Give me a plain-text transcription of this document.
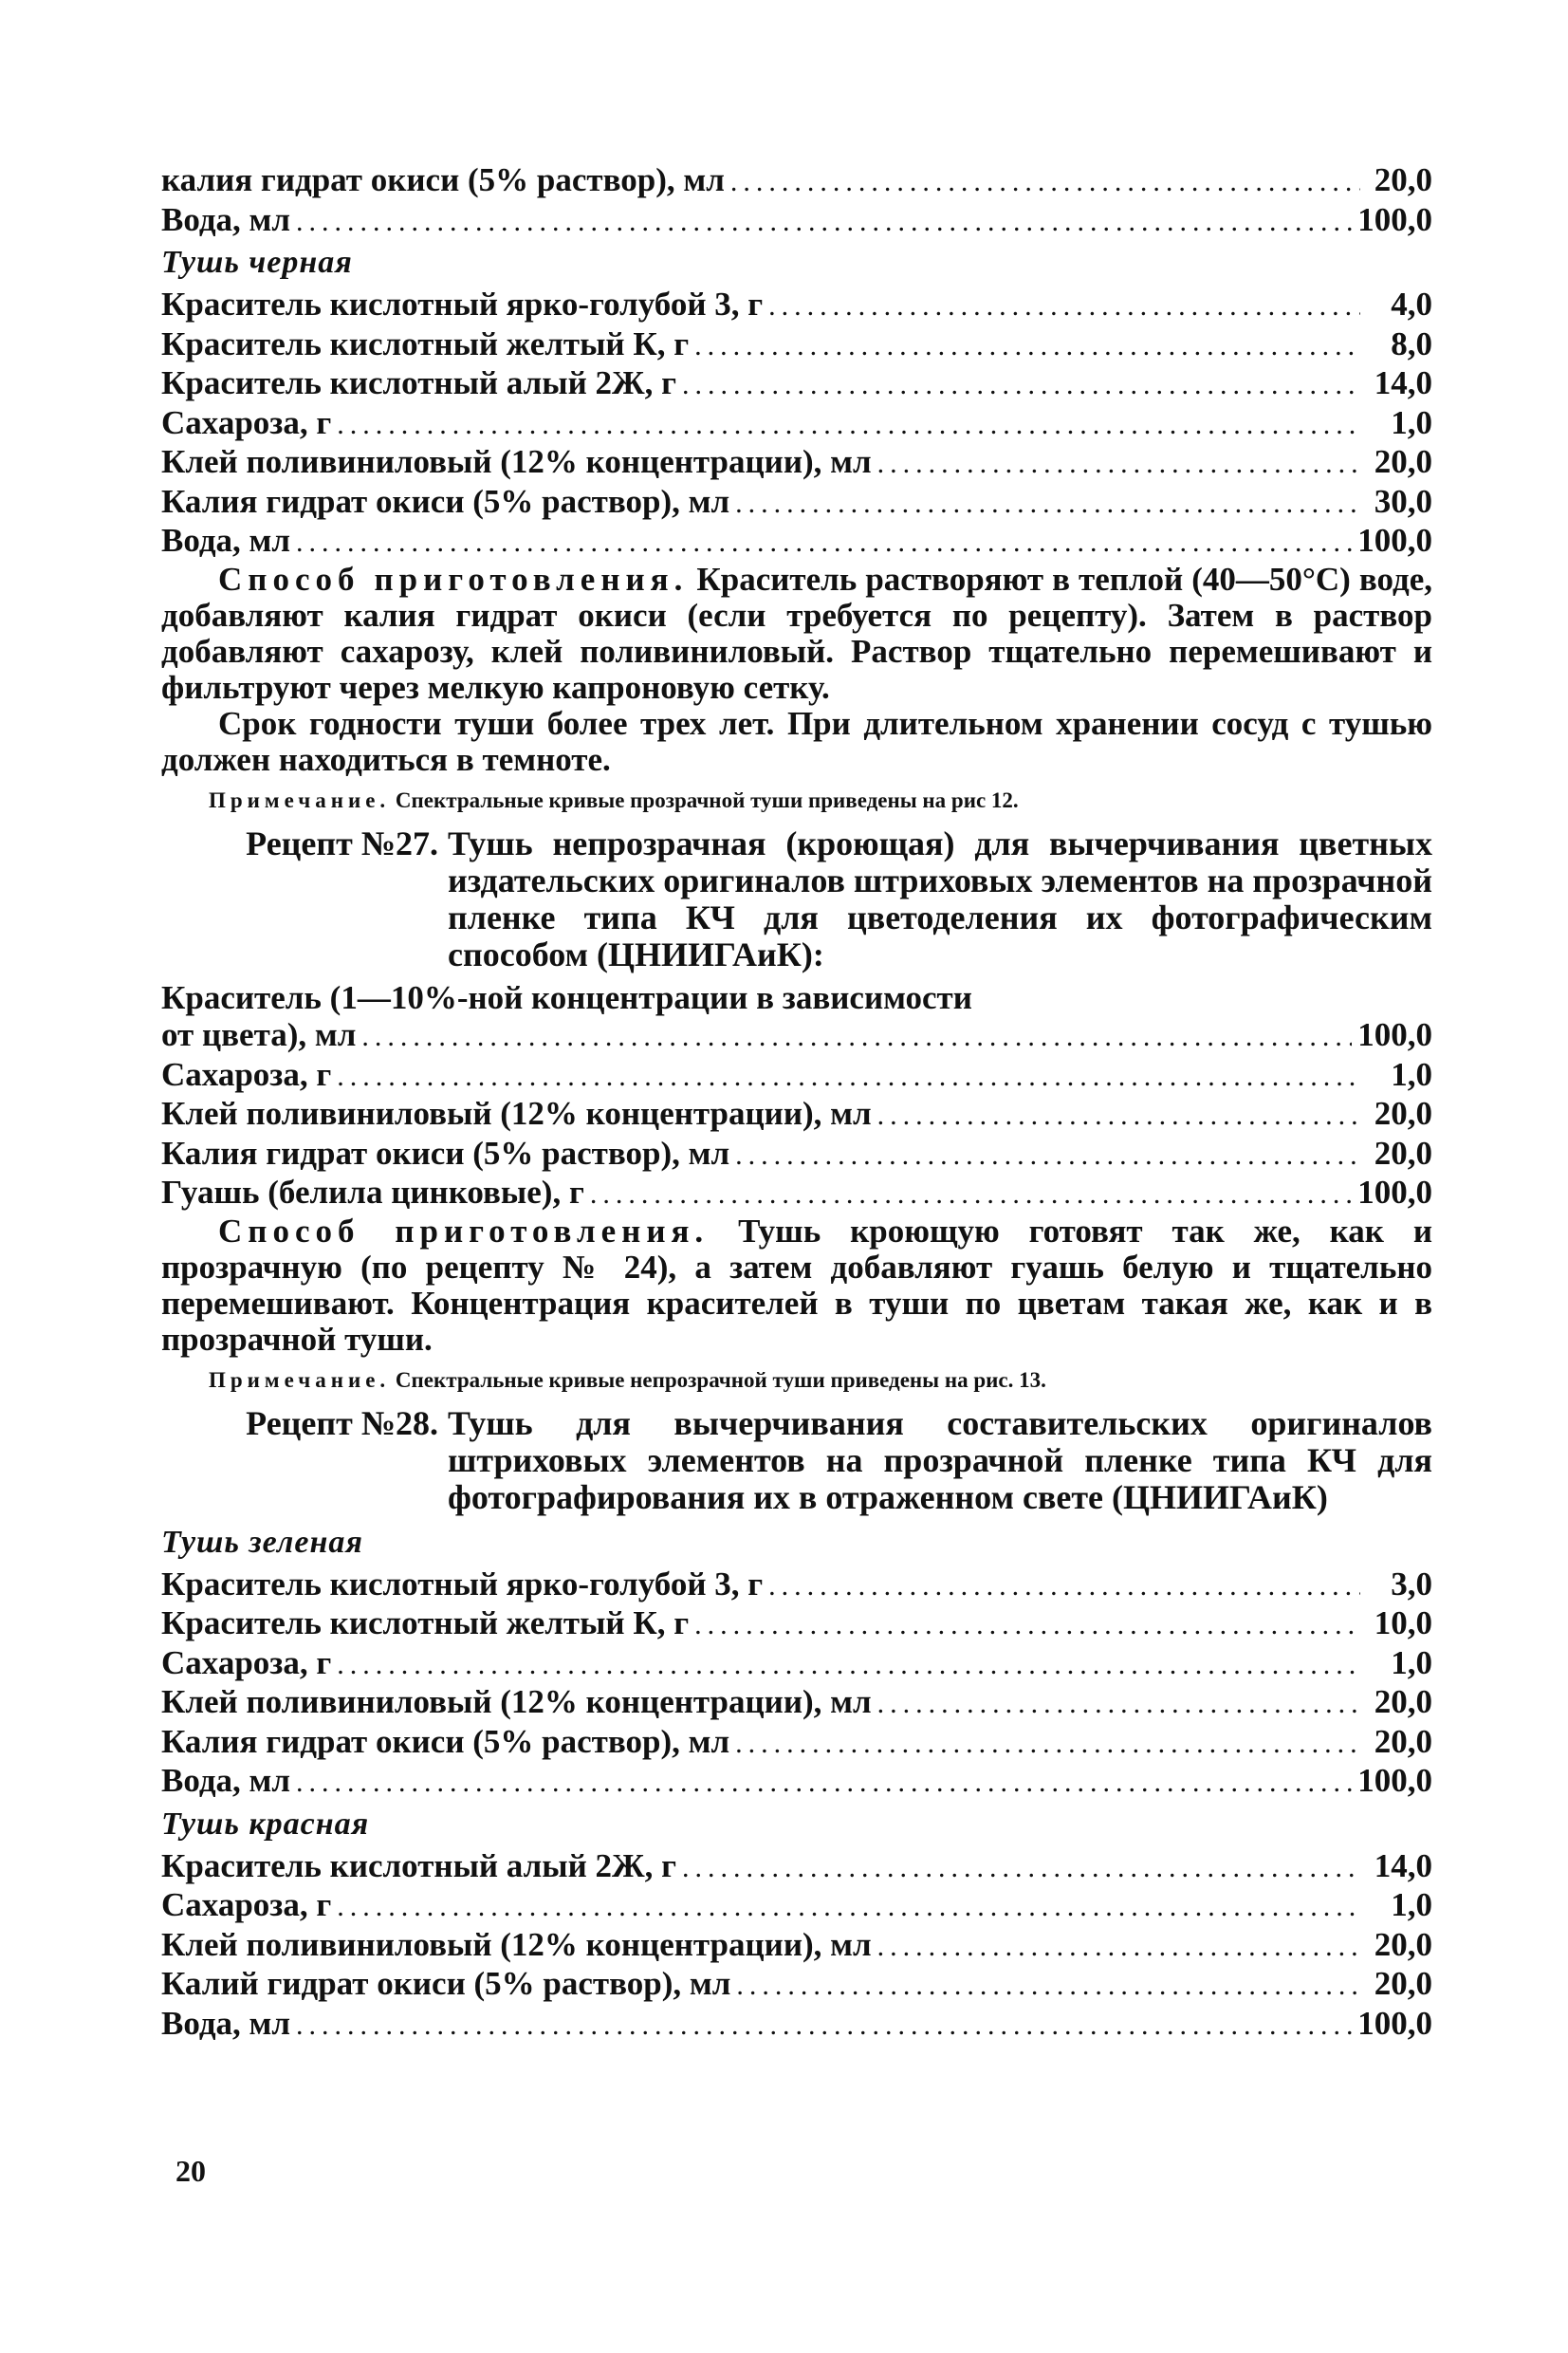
калия гидрат окиси (5% раствор), мл .....	20,0
Вода, мл .....	100,0
Тушь черная
Краситель кислотный ярко-голубой 3, г .....	4,0
Краситель кислотный желтый К, г .....	8,0
Краситель кислотный алый 2Ж, г .....	14,0
Сахароза, г .....	1,0
Клей поливиниловый (12% концентрации), мл .....	20,0
Калия гидрат окиси (5% раствор), мл .....	30,0
Вода, мл .....	100,0

Способ приготовления. Краситель растворяют в теплой (40—50°С) воде, добавляют калия гидрат окиси (если требуется по рецепту). Затем в раствор добавляют сахарозу, клей поливиниловый. Раствор тщательно перемешивают и фильтруют через мелкую капроновую сетку.

Срок годности туши более трех лет. При длительном хранении сосуд с тушью должен находиться в темноте.

Примечание. Спектральные кривые прозрачной туши приведены на рис 12.
Рецепт №27. Тушь непрозрачная (кроющая) для вычерчивания цветных издательских оригиналов штриховых элементов на прозрачной пленке типа КЧ для цветоделения их фотографическим способом (ЦНИИГАиК):
Краситель (1—10%-ной концентрации в зависимости
от цвета), мл .....	100,0
Сахароза, г .....	1,0
Клей поливиниловый (12% концентрации), мл .....	20,0
Калия гидрат окиси (5% раствор), мл .....	20,0
Гуашь (белила цинковые), г .....	100,0

Способ приготовления. Тушь кроющую готовят так же, как и прозрачную (по рецепту № 24), а затем добавляют гуашь белую и тщательно перемешивают. Концентрация красителей в туши по цветам такая же, как и в прозрачной туши.

Примечание. Спектральные кривые непрозрачной туши приведены на рис. 13.
Рецепт №28. Тушь для вычерчивания составительских оригиналов штриховых элементов на прозрачной пленке типа КЧ для фотографирования их в отраженном свете (ЦНИИГАиК)
Тушь зеленая
Краситель кислотный ярко-голубой 3, г .....	3,0
Краситель кислотный желтый К, г .....	10,0
Сахароза, г .....	1,0
Клей поливиниловый (12% концентрации), мл .....	20,0
Калия гидрат окиси (5% раствор), мл .....	20,0
Вода, мл .....	100,0
Тушь красная
Краситель кислотный алый 2Ж, г .....	14,0
Сахароза, г .....	1,0
Клей поливиниловый (12% концентрации), мл .....	20,0
Калий гидрат окиси (5% раствор), мл .....	20,0
Вода, мл .....	100,0
20
